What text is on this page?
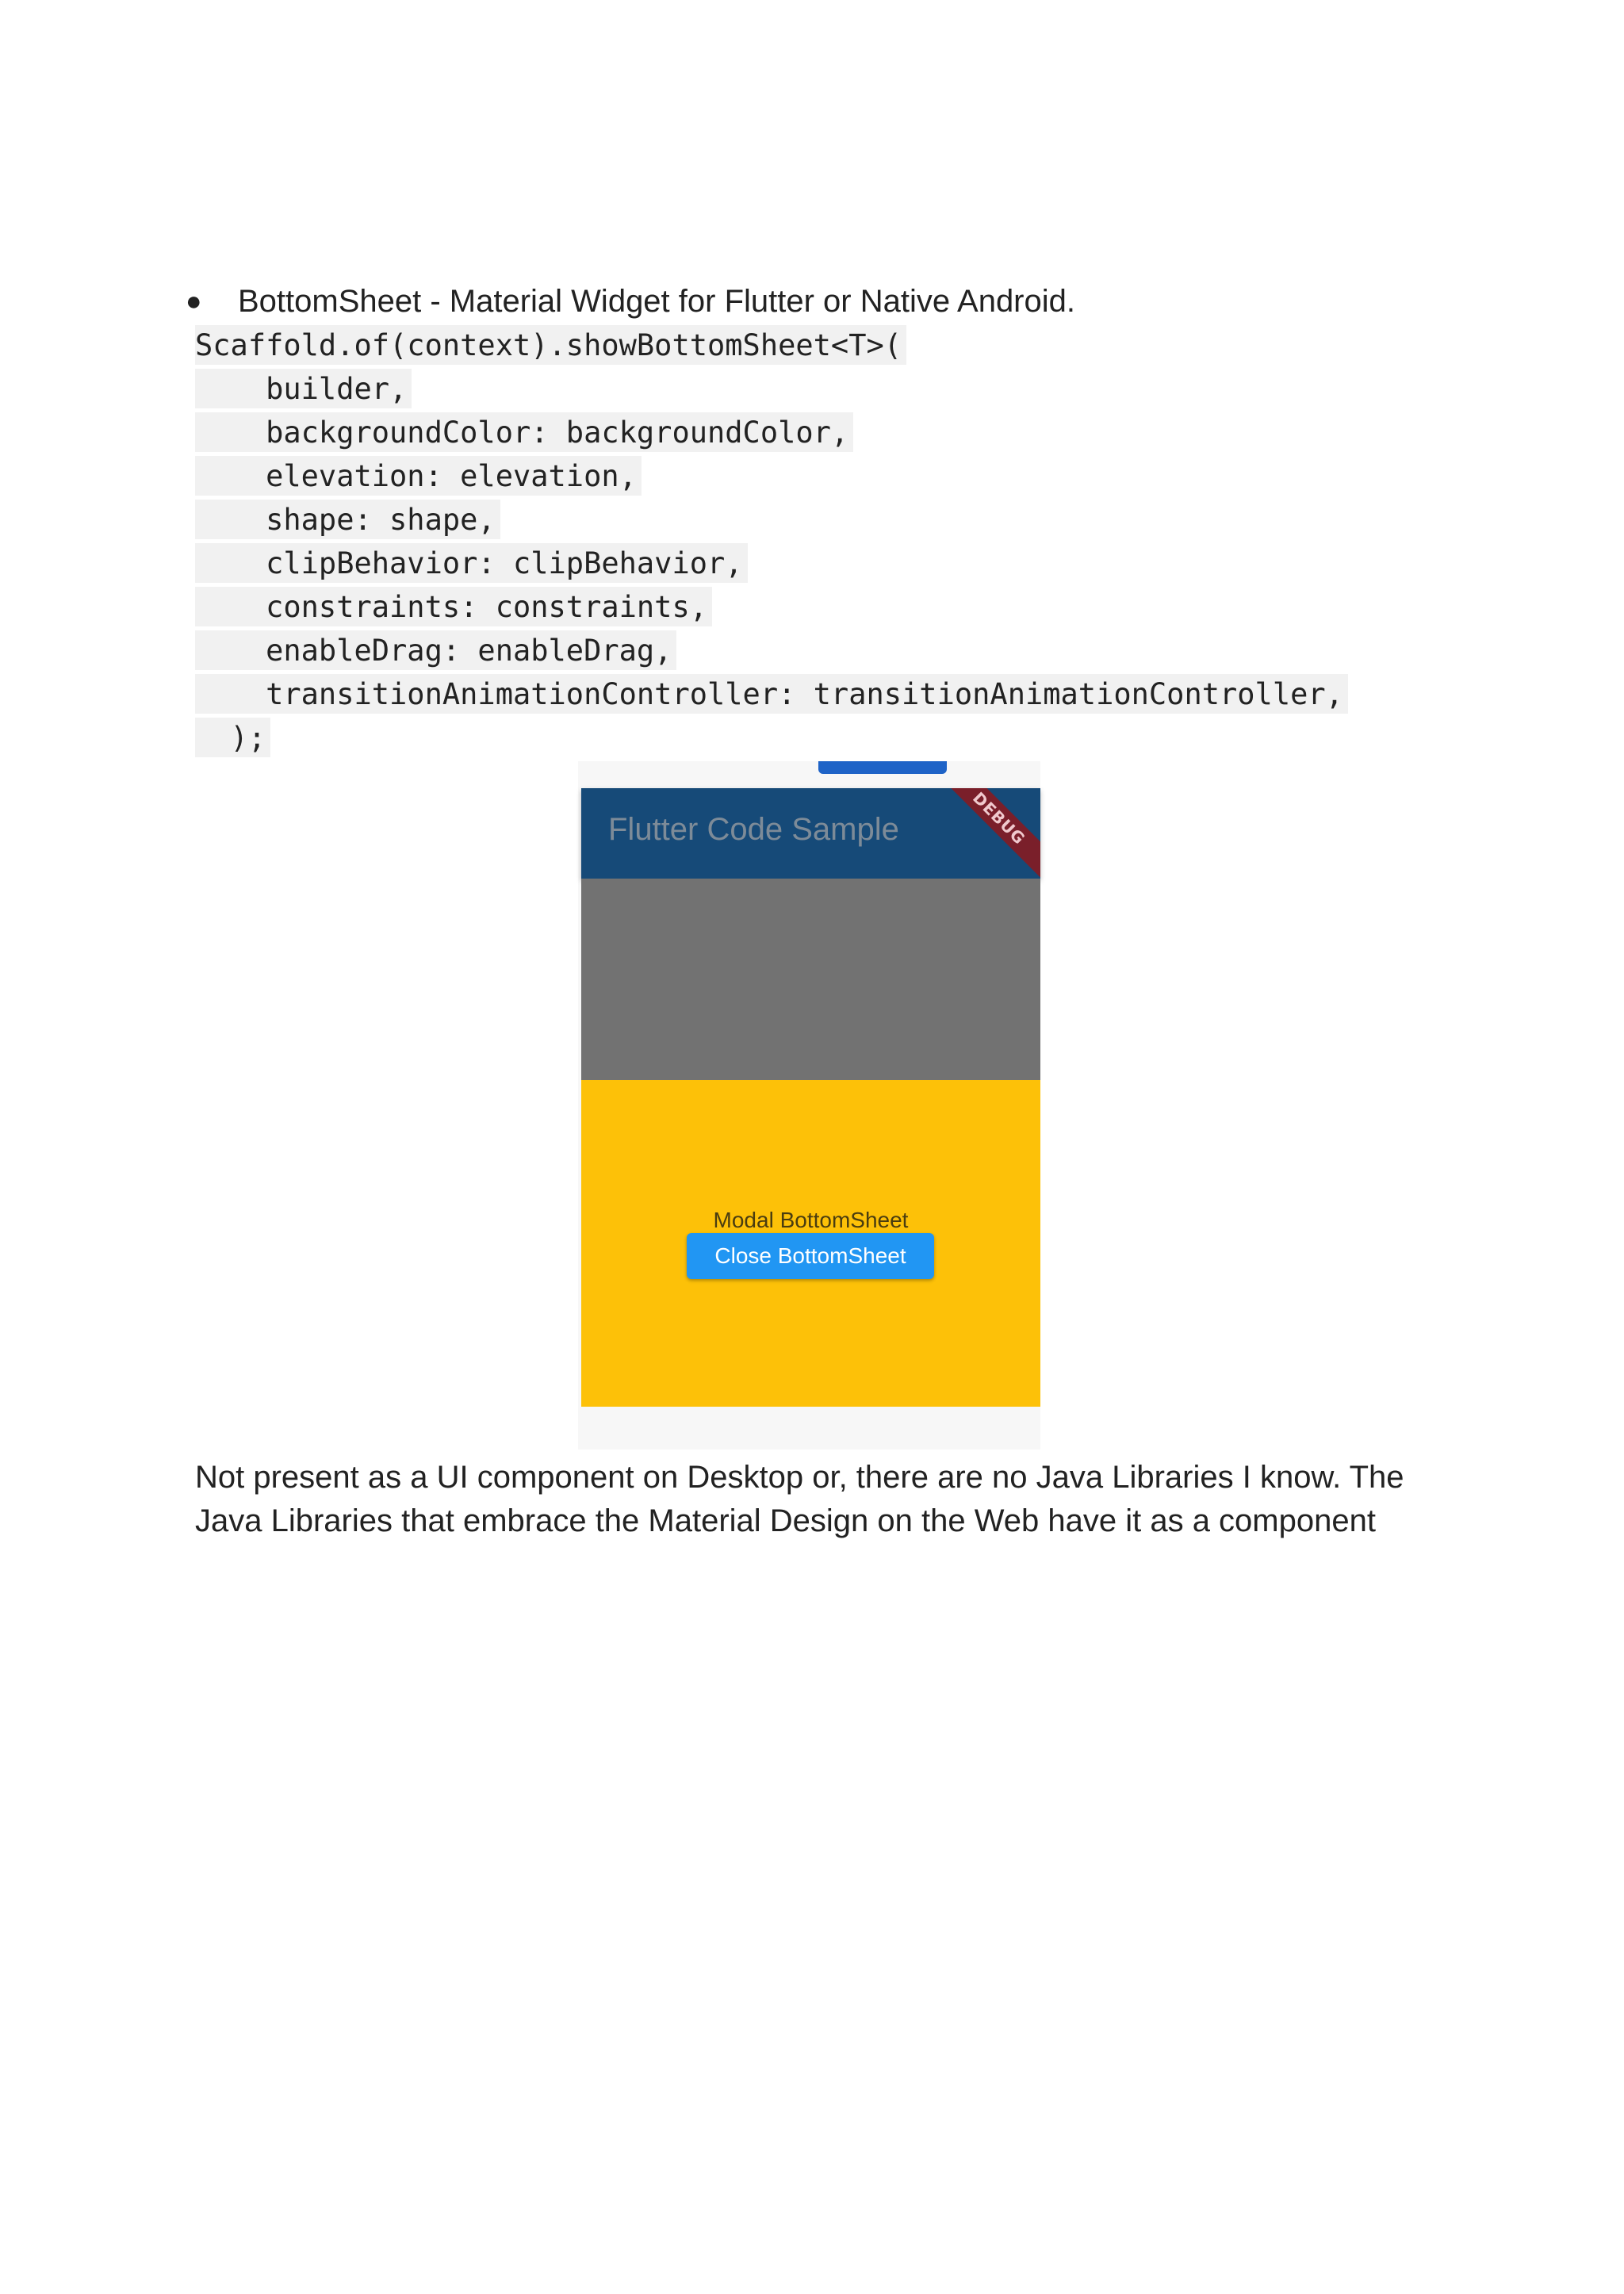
● BottomSheet - Material Widget for Flutter or Native Android.
Scaffold.of(context).showBottomSheet<T>(
builder,
backgroundColor: backgroundColor,
elevation: elevation,
shape: shape,
clipBehavior: clipBehavior,
constraints: constraints,
enableDrag: enableDrag,
transitionAnimationController: transitionAnimationController,
);
Flutter Code Sample	DEBUG
Modal BottomSheet
Close BottomSheet
Not present as a UI component on Desktop or, there are no Java Libraries I know. The
Java Libraries that embrace the Material Design on the Web have it as a component
